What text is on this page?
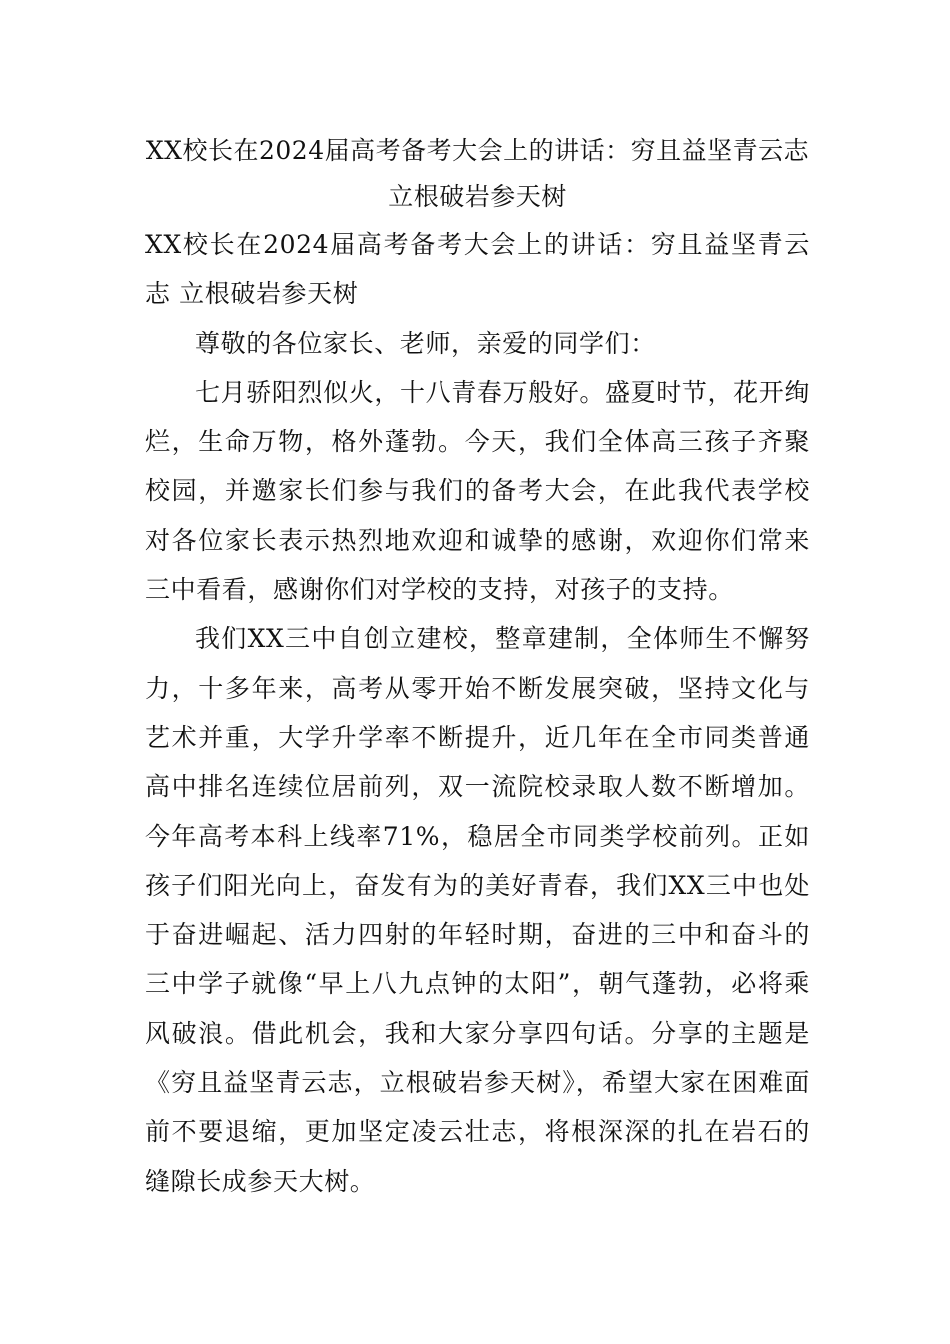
XX校长在2024届高考备考大会上的讲话：穷且益坚青云志 立根破岩参天树

XX校长在2024届高考备考大会上的讲话：穷且益坚青云志 立根破岩参天树

尊敬的各位家长、老师，亲爱的同学们：

七月骄阳烈似火，十八青春万般好。盛夏时节，花开绚烂，生命万物，格外蓬勃。今天，我们全体高三孩子齐聚校园，并邀家长们参与我们的备考大会，在此我代表学校对各位家长表示热烈地欢迎和诚挚的感谢，欢迎你们常来三中看看，感谢你们对学校的支持，对孩子的支持。

我们XX三中自创立建校，整章建制，全体师生不懈努力，十多年来，高考从零开始不断发展突破，坚持文化与艺术并重，大学升学率不断提升，近几年在全市同类普通高中排名连续位居前列，双一流院校录取人数不断增加。今年高考本科上线率71%，稳居全市同类学校前列。正如孩子们阳光向上，奋发有为的美好青春，我们XX三中也处于奋进崛起、活力四射的年轻时期，奋进的三中和奋斗的三中学子就像“早上八九点钟的太阳”，朝气蓬勃，必将乘风破浪。借此机会，我和大家分享四句话。分享的主题是《穷且益坚青云志，立根破岩参天树》，希望大家在困难面前不要退缩，更加坚定凌云壮志，将根深深的扎在岩石的缝隙长成参天大树。
